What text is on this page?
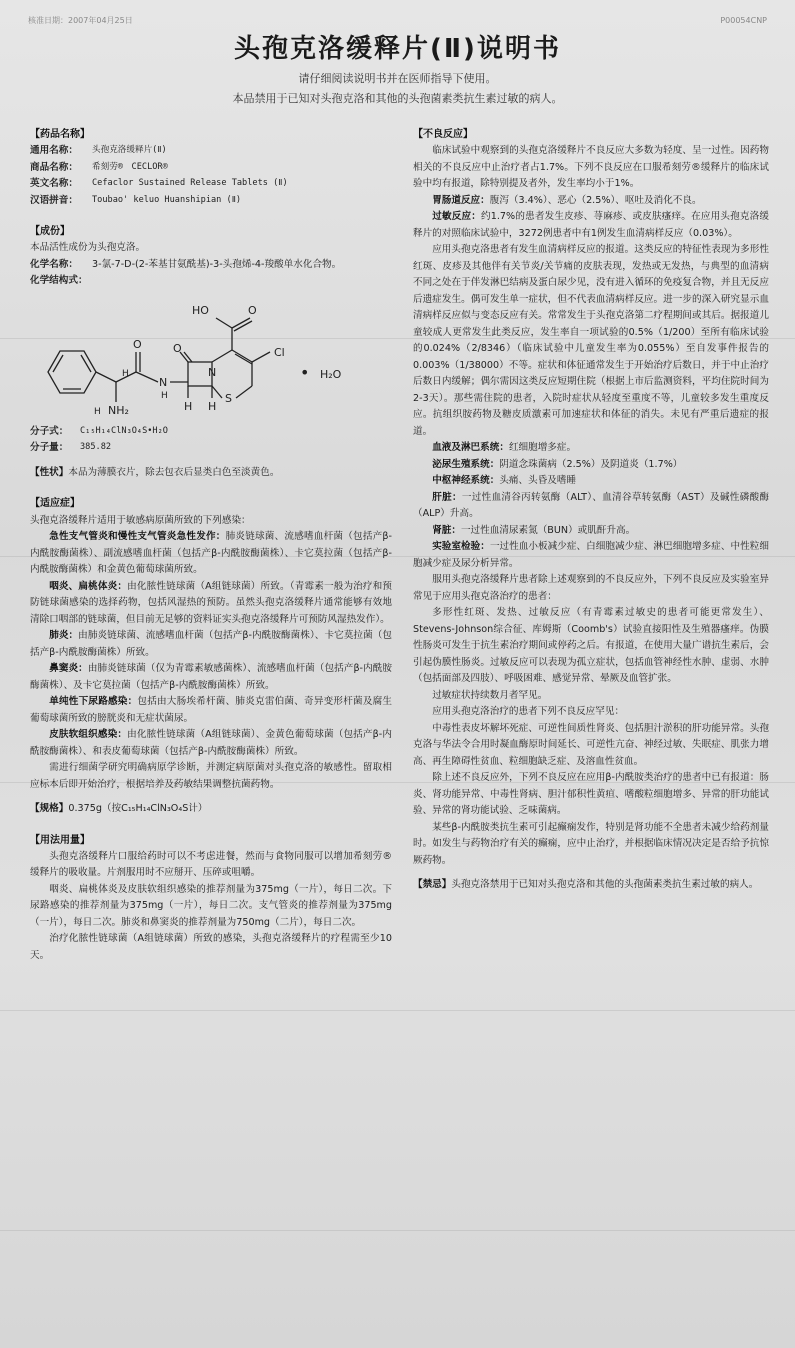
核准日期：2007年04月25日	P00054CNP
头孢克洛缓释片(Ⅱ)说明书
请仔细阅读说明书并在医师指导下使用。
本品禁用于已知对头孢克洛和其他的头孢菌素类抗生素过敏的病人。
【药品名称】
通用名称：	头孢克洛缓释片(Ⅱ)
商品名称：	希刻劳®　CECLOR®
英文名称：	Cefaclor Sustained Release Tablets (Ⅱ)
汉语拼音：	Toubao' keluo Huanshipian (Ⅱ)
【成份】

本品活性成份为头孢克洛。

化学名称：	3-氯-7-D-(2-苯基甘氨酰基)-3-头孢烯-4-羧酸单水化合物。
化学结构式：
HO	O
Cl
O
N
N
H
H H
H
S
O
NH₂
H
• H₂O
分子式：	C₁₅H₁₄ClN₃O₄S•H₂O
分子量：	385.82

【性状】本品为薄膜衣片，除去包衣后显类白色至淡黄色。

【适应症】

头孢克洛缓释片适用于敏感病原菌所致的下列感染：

急性支气管炎和慢性支气管炎急性发作：肺炎链球菌、流感嗜血杆菌（包括产β-内酰胺酶菌株）、副流感嗜血杆菌（包括产β-内酰胺酶菌株）、卡它莫拉菌（包括产β-内酰胺酶菌株）和金黄色葡萄球菌所致。

咽炎、扁桃体炎：由化脓性链球菌（A组链球菌）所致。（青霉素一般为治疗和预防链球菌感染的选择药物，包括风湿热的预防。虽然头孢克洛缓释片通常能够有效地清除口咽部的链球菌，但目前无足够的资料证实头孢克洛缓释片可预防风湿热发作）。

肺炎：由肺炎链球菌、流感嗜血杆菌（包括产β-内酰胺酶菌株）、卡它莫拉菌（包括产β-内酰胺酶菌株）所致。

鼻窦炎：由肺炎链球菌（仅为青霉素敏感菌株）、流感嗜血杆菌（包括产β-内酰胺酶菌株）、及卡它莫拉菌（包括产β-内酰胺酶菌株）所致。

单纯性下尿路感染：包括由大肠埃希杆菌、肺炎克雷伯菌、奇异变形杆菌及腐生葡萄球菌所致的膀胱炎和无症状菌尿。

皮肤软组织感染：由化脓性链球菌（A组链球菌）、金黄色葡萄球菌（包括产β-内酰胺酶菌株）、和表皮葡萄球菌（包括产β-内酰胺酶菌株）所致。

需进行细菌学研究明确病原学诊断，并测定病原菌对头孢克洛的敏感性。留取相应标本后即开始治疗，根据培养及药敏结果调整抗菌药物。

【规格】0.375g（按C₁₅H₁₄ClN₃O₄S计）

【用法用量】

头孢克洛缓释片口服给药时可以不考虑进餐，然而与食物同服可以增加希刻劳®缓释片的吸收量。片剂服用时不应掰开、压碎或咀嚼。

咽炎、扁桃体炎及皮肤软组织感染的推荐剂量为375mg（一片），每日二次。下尿路感染的推荐剂量为375mg（一片），每日二次。支气管炎的推荐剂量为375mg（一片），每日二次。肺炎和鼻窦炎的推荐剂量为750mg（二片），每日二次。

治疗化脓性链球菌（A组链球菌）所致的感染，头孢克洛缓释片的疗程需至少10天。

【不良反应】

临床试验中观察到的头孢克洛缓释片不良反应大多数为轻度、呈一过性。因药物相关的不良反应中止治疗者占1.7%。下列不良反应在口服希刻劳®缓释片的临床试验中均有报道，除特别提及者外，发生率均小于1%。

胃肠道反应：腹泻（3.4%）、恶心（2.5%）、呕吐及消化不良。

过敏反应：约1.7%的患者发生皮疹、荨麻疹、或皮肤瘙痒。在应用头孢克洛缓释片的对照临床试验中，3272例患者中有1例发生血清病样反应（0.03%）。

应用头孢克洛患者有发生血清病样反应的报道。这类反应的特征性表现为多形性红斑、皮疹及其他伴有关节炎/关节痛的皮肤表现，发热或无发热，与典型的血清病不同之处在于伴发淋巴结病及蛋白尿少见，没有进入循环的免疫复合物，并且无反应后遗症发生。偶可发生单一症状，但不代表血清病样反应。进一步的深入研究显示血清病样反应似与变态反应有关。常常发生于头孢克洛第二疗程期间或其后。据报道儿童较成人更常发生此类反应，发生率自一项试验的0.5%（1/200）至所有临床试验的0.024%（2/8346）（临床试验中儿童发生率为0.055%）至自发事件报告的0.003%（1/38000）不等。症状和体征通常发生于开始治疗后数日，并于中止治疗后数日内缓解；偶尔需因这类反应短期住院（根据上市后监测资料，平均住院时间为2-3天）。那些需住院的患者，入院时症状从轻度至重度不等，儿童较多发生重度反应。抗组织胺药物及糖皮质激素可加速症状和体征的消失。未见有严重后遗症的报道。

血液及淋巴系统：红细胞增多症。

泌尿生殖系统：阴道念珠菌病（2.5%）及阴道炎（1.7%）

中枢神经系统：头痛、头昏及嗜睡

肝脏：一过性血清谷丙转氨酶（ALT）、血清谷草转氨酶（AST）及碱性磷酸酶（ALP）升高。

肾脏：一过性血清尿素氮（BUN）或肌酐升高。

实验室检验：一过性血小板减少症、白细胞减少症、淋巴细胞增多症、中性粒细胞减少症及尿分析异常。

服用头孢克洛缓释片患者除上述观察到的不良反应外，下列不良反应及实验室异常见于应用头孢克洛治疗的患者：

多形性红斑、发热、过敏反应（有青霉素过敏史的患者可能更常发生）、Stevens-Johnson综合征、库姆斯（Coomb's）试验直接阳性及生殖器瘙痒。伪膜性肠炎可发生于抗生素治疗期间或停药之后。有报道，在使用大量广谱抗生素后，会引起伪膜性肠炎。过敏反应可以表现为孤立症状，包括血管神经性水肿、虚弱、水肿（包括面部及四肢）、呼吸困难、感觉异常、晕厥及血管扩张。

过敏症状持续数月者罕见。

应用头孢克洛治疗的患者下列不良反应罕见：

中毒性表皮坏解坏死症、可逆性间质性肾炎、包括胆汁淤积的肝功能异常。头孢克洛与华法令合用时凝血酶原时间延长、可逆性亢奋、神经过敏、失眠症、肌张力增高、再生障碍性贫血、粒细胞缺乏症、及溶血性贫血。

除上述不良反应外，下列不良反应在应用β-内酰胺类治疗的患者中已有报道：肠炎、肾功能异常、中毒性肾病、胆汁郁积性黄疸、嗜酸粒细胞增多、异常的肝功能试验、异常的肾功能试验、乏味菌病。

某些β-内酰胺类抗生素可引起癫痫发作，特别是肾功能不全患者未减少给药剂量时。如发生与药物治疗有关的癫痫，应中止治疗，并根据临床情况决定是否给予抗惊厥药物。

【禁忌】头孢克洛禁用于已知对头孢克洛和其他的头孢菌素类抗生素过敏的病人。
